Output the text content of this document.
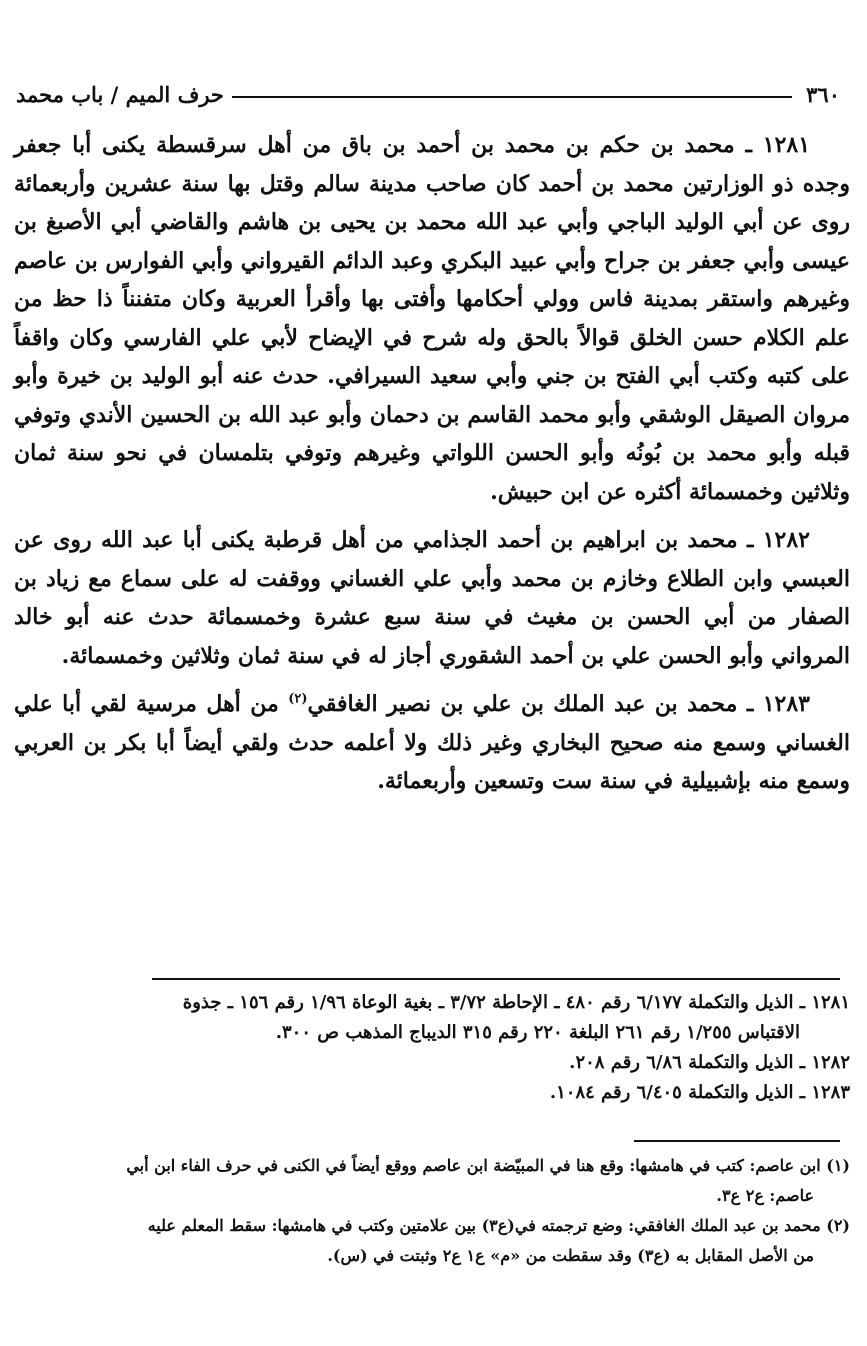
٣٦٠
حرف الميم / باب محمد

١٢٨١ ـ محمد بن حكم بن محمد بن أحمد بن باق من أهل سرقسطة يكنى أبا جعفر وجده ذو الوزارتين محمد بن أحمد كان صاحب مدينة سالم وقتل بها سنة عشرين وأربعمائة روى عن أبي الوليد الباجي وأبي عبد الله محمد بن يحيى بن هاشم والقاضي أبي الأصبغ بن عيسى وأبي جعفر بن جراح وأبي عبيد البكري وعبد الدائم القيرواني وأبي الفوارس بن عاصم وغيرهم واستقر بمدينة فاس وولي أحكامها وأفتى بها وأقرأ العربية وكان متفنناً ذا حظ من علم الكلام حسن الخلق قوالاً بالحق وله شرح في الإيضاح لأبي علي الفارسي وكان واقفاً على كتبه وكتب أبي الفتح بن جني وأبي سعيد السيرافي. حدث عنه أبو الوليد بن خيرة وأبو مروان الصيقل الوشقي وأبو محمد القاسم بن دحمان وأبو عبد الله بن الحسين الأندي وتوفي قبله وأبو محمد بن بُونُه وأبو الحسن اللواتي وغيرهم وتوفي بتلمسان في نحو سنة ثمان وثلاثين وخمسمائة أكثره عن ابن حبيش.

١٢٨٢ ـ محمد بن ابراهيم بن أحمد الجذامي من أهل قرطبة يكنى أبا عبد الله روى عن العبسي وابن الطلاع وخازم بن محمد وأبي علي الغساني ووقفت له على سماع مع زياد بن الصفار من أبي الحسن بن مغيث في سنة سبع عشرة وخمسمائة حدث عنه أبو خالد المرواني وأبو الحسن علي بن أحمد الشقوري أجاز له في سنة ثمان وثلاثين وخمسمائة.

١٢٨٣ ـ محمد بن عبد الملك بن علي بن نصير الغافقي$^{(٢)}$ من أهل مرسية لقي أبا علي الغساني وسمع منه صحيح البخاري وغير ذلك ولا أعلمه حدث ولقي أيضاً أبا بكر بن العربي وسمع منه بإشبيلية في سنة ست وتسعين وأربعمائة.

١٢٨١ ـ الذيل والتكملة ٦/١٧٧ رقم ٤٨٠ ـ الإحاطة ٣/٧٢ ـ بغية الوعاة ١/٩٦ رقم ١٥٦ ـ جذوة

الاقتباس ١/٢٥٥ رقم ٢٦١ البلغة ٢٢٠ رقم ٣١٥ الديباج المذهب ص ٣٠٠.

١٢٨٢ ـ الذيل والتكملة ٦/٨٦ رقم ٢٠٨.

١٢٨٣ ـ الذيل والتكملة ٦/٤٠٥ رقم ١٠٨٤.

(١) ابن عاصم: كتب في هامشها: وقع هنا في المبيّضة ابن عاصم ووقع أيضاً في الكنى في حرف الفاء ابن أبي

عاصم: ع٢ ع٣.

(٢) محمد بن عبد الملك الغافقي: وضع ترجمته في(ع٣) بين علامتين وكتب في هامشها: سقط المعلم عليه

من الأصل المقابل به (ع٣) وقد سقطت من «م» ع١ ع٢ وثبتت في (س).
